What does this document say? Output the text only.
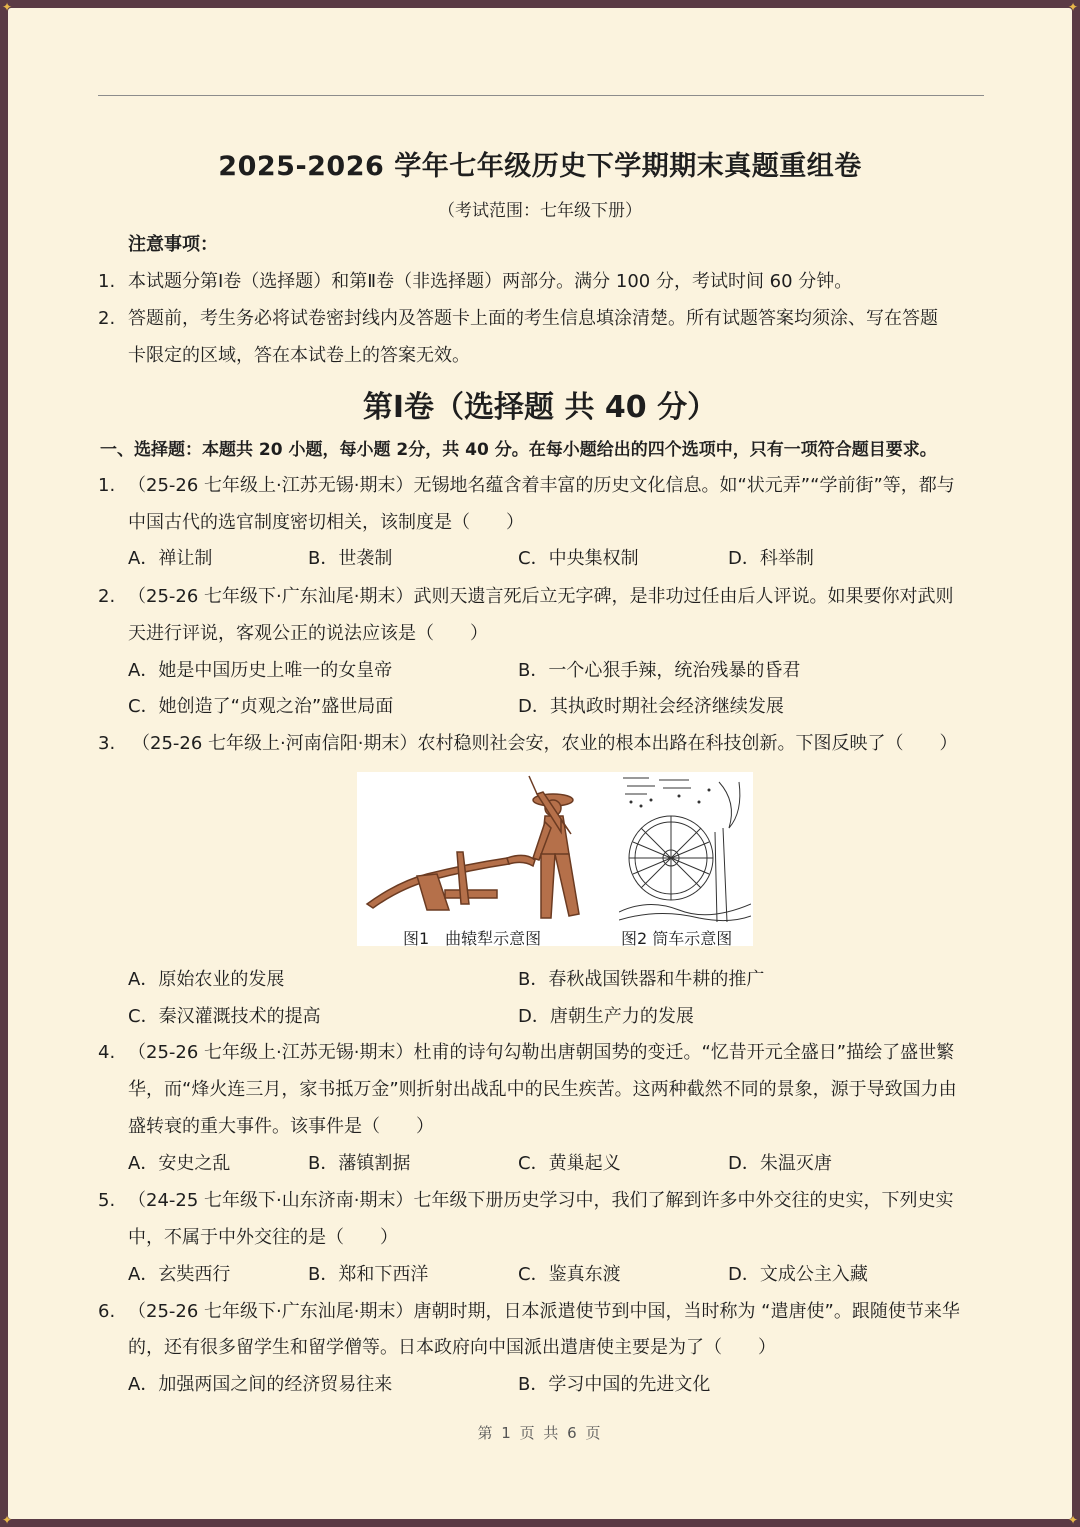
✦	✦
✦	✦
2025-2026 学年七年级历史下学期期末真题重组卷
（考试范围：七年级下册）
注意事项：
1. 本试题分第Ⅰ卷（选择题）和第Ⅱ卷（非选择题）两部分。满分 100 分，考试时间 60 分钟。
2. 答题前，考生务必将试卷密封线内及答题卡上面的考生信息填涂清楚。所有试题答案均须涂、写在答题
卡限定的区域，答在本试卷上的答案无效。
第Ⅰ卷（选择题 共 40 分）
一、选择题：本题共 20 小题，每小题 2分，共 40 分。在每小题给出的四个选项中，只有一项符合题目要求。
1. （25-26 七年级上·江苏无锡·期末）无锡地名蕴含着丰富的历史文化信息。如“状元弄”“学前街”等，都与
中国古代的选官制度密切相关，该制度是（　　）
A．禅让制	B．世袭制	C．中央集权制	D．科举制
2. （25-26 七年级下·广东汕尾·期末）武则天遗言死后立无字碑，是非功过任由后人评说。如果要你对武则
天进行评说，客观公正的说法应该是（　　）
A．她是中国历史上唯一的女皇帝	B．一个心狠手辣，统治残暴的昏君
C．她创造了“贞观之治”盛世局面	D．其执政时期社会经济继续发展
3. （25-26 七年级上·河南信阳·期末）农村稳则社会安，农业的根本出路在科技创新。下图反映了（　　）
图1　曲辕犁示意图	图2 筒车示意图
A．原始农业的发展	B．春秋战国铁器和牛耕的推广
C．秦汉灌溉技术的提高	D．唐朝生产力的发展
4. （25-26 七年级上·江苏无锡·期末）杜甫的诗句勾勒出唐朝国势的变迁。“忆昔开元全盛日”描绘了盛世繁
华，而“烽火连三月，家书抵万金”则折射出战乱中的民生疾苦。这两种截然不同的景象，源于导致国力由
盛转衰的重大事件。该事件是（　　）
A．安史之乱	B．藩镇割据	C．黄巢起义	D．朱温灭唐
5. （24-25 七年级下·山东济南·期末）七年级下册历史学习中，我们了解到许多中外交往的史实，下列史实
中，不属于中外交往的是（　　）
A．玄奘西行	B．郑和下西洋	C．鉴真东渡	D．文成公主入藏
6. （25-26 七年级下·广东汕尾·期末）唐朝时期，日本派遣使节到中国，当时称为 “遣唐使”。跟随使节来华
的，还有很多留学生和留学僧等。日本政府向中国派出遣唐使主要是为了（　　）
A．加强两国之间的经济贸易往来	B．学习中国的先进文化
第 1 页 共 6 页
